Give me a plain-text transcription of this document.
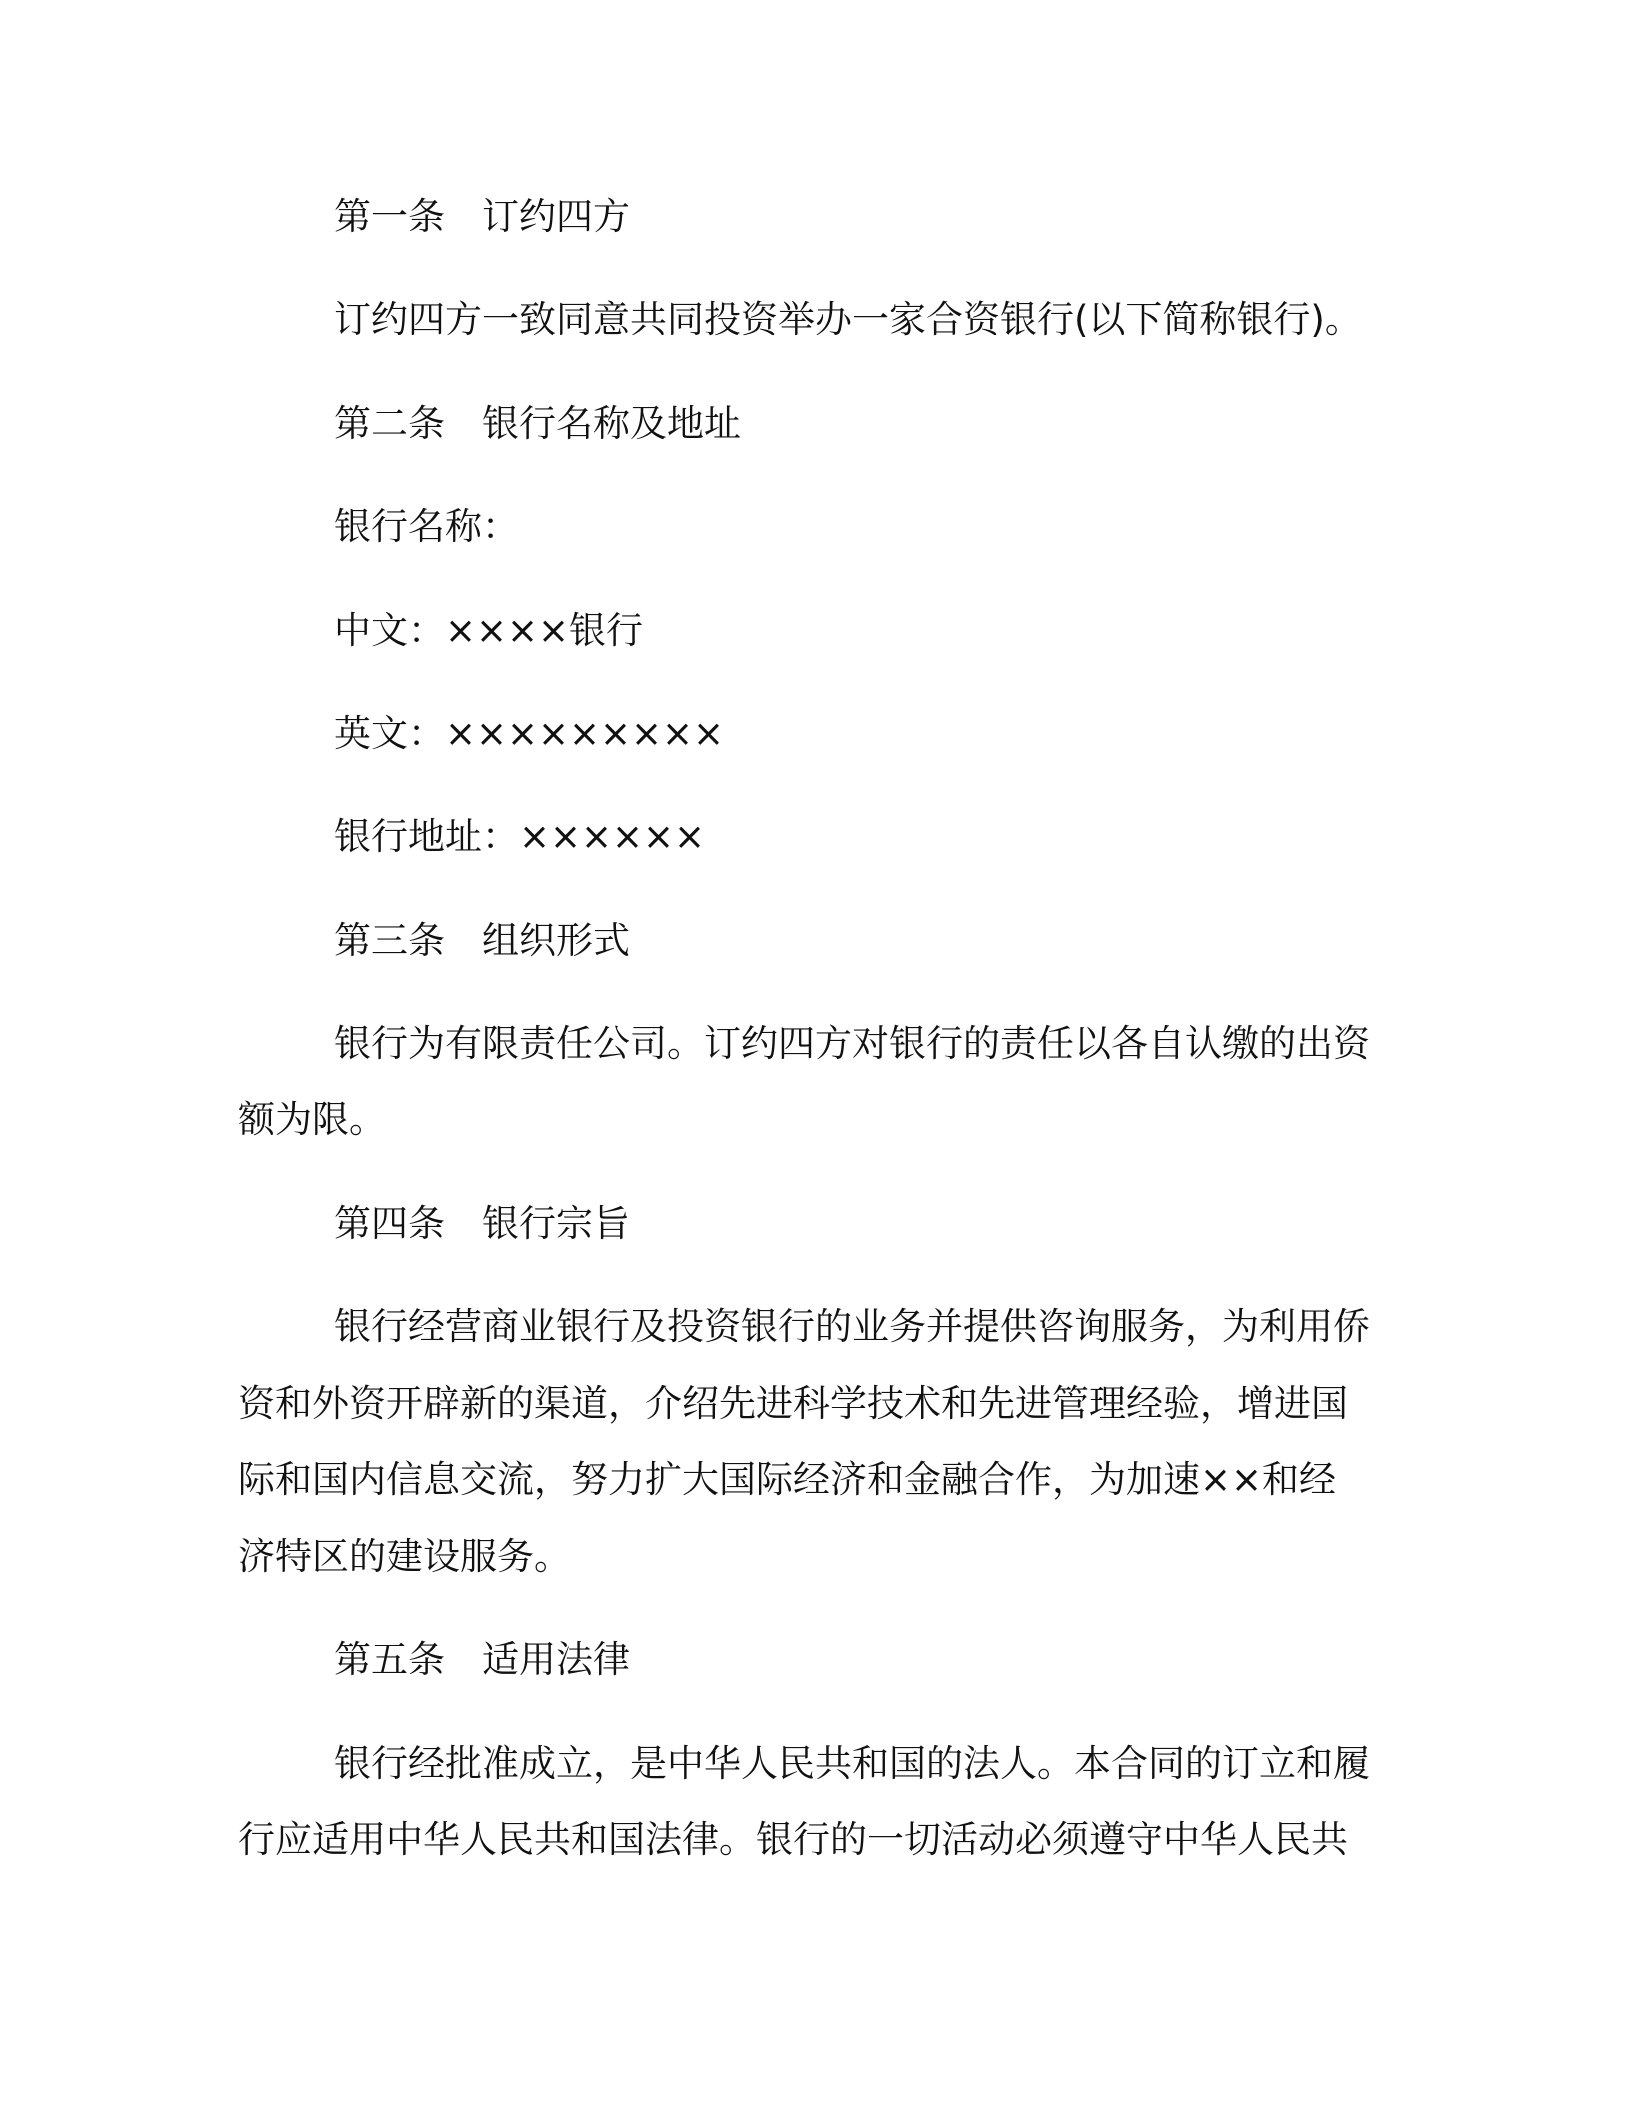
第一条　订约四方
订约四方一致同意共同投资举办一家合资银行(以下简称银行)。
第二条　银行名称及地址
银行名称：
中文：××××银行
英文：×××××××××
银行地址：××××××
第三条　组织形式
银行为有限责任公司。订约四方对银行的责任以各自认缴的出资
额为限。
第四条　银行宗旨
银行经营商业银行及投资银行的业务并提供咨询服务，为利用侨
资和外资开辟新的渠道，介绍先进科学技术和先进管理经验，增进国
际和国内信息交流，努力扩大国际经济和金融合作，为加速××和经
济特区的建设服务。
第五条　适用法律
银行经批准成立，是中华人民共和国的法人。本合同的订立和履
行应适用中华人民共和国法律。银行的一切活动必须遵守中华人民共
